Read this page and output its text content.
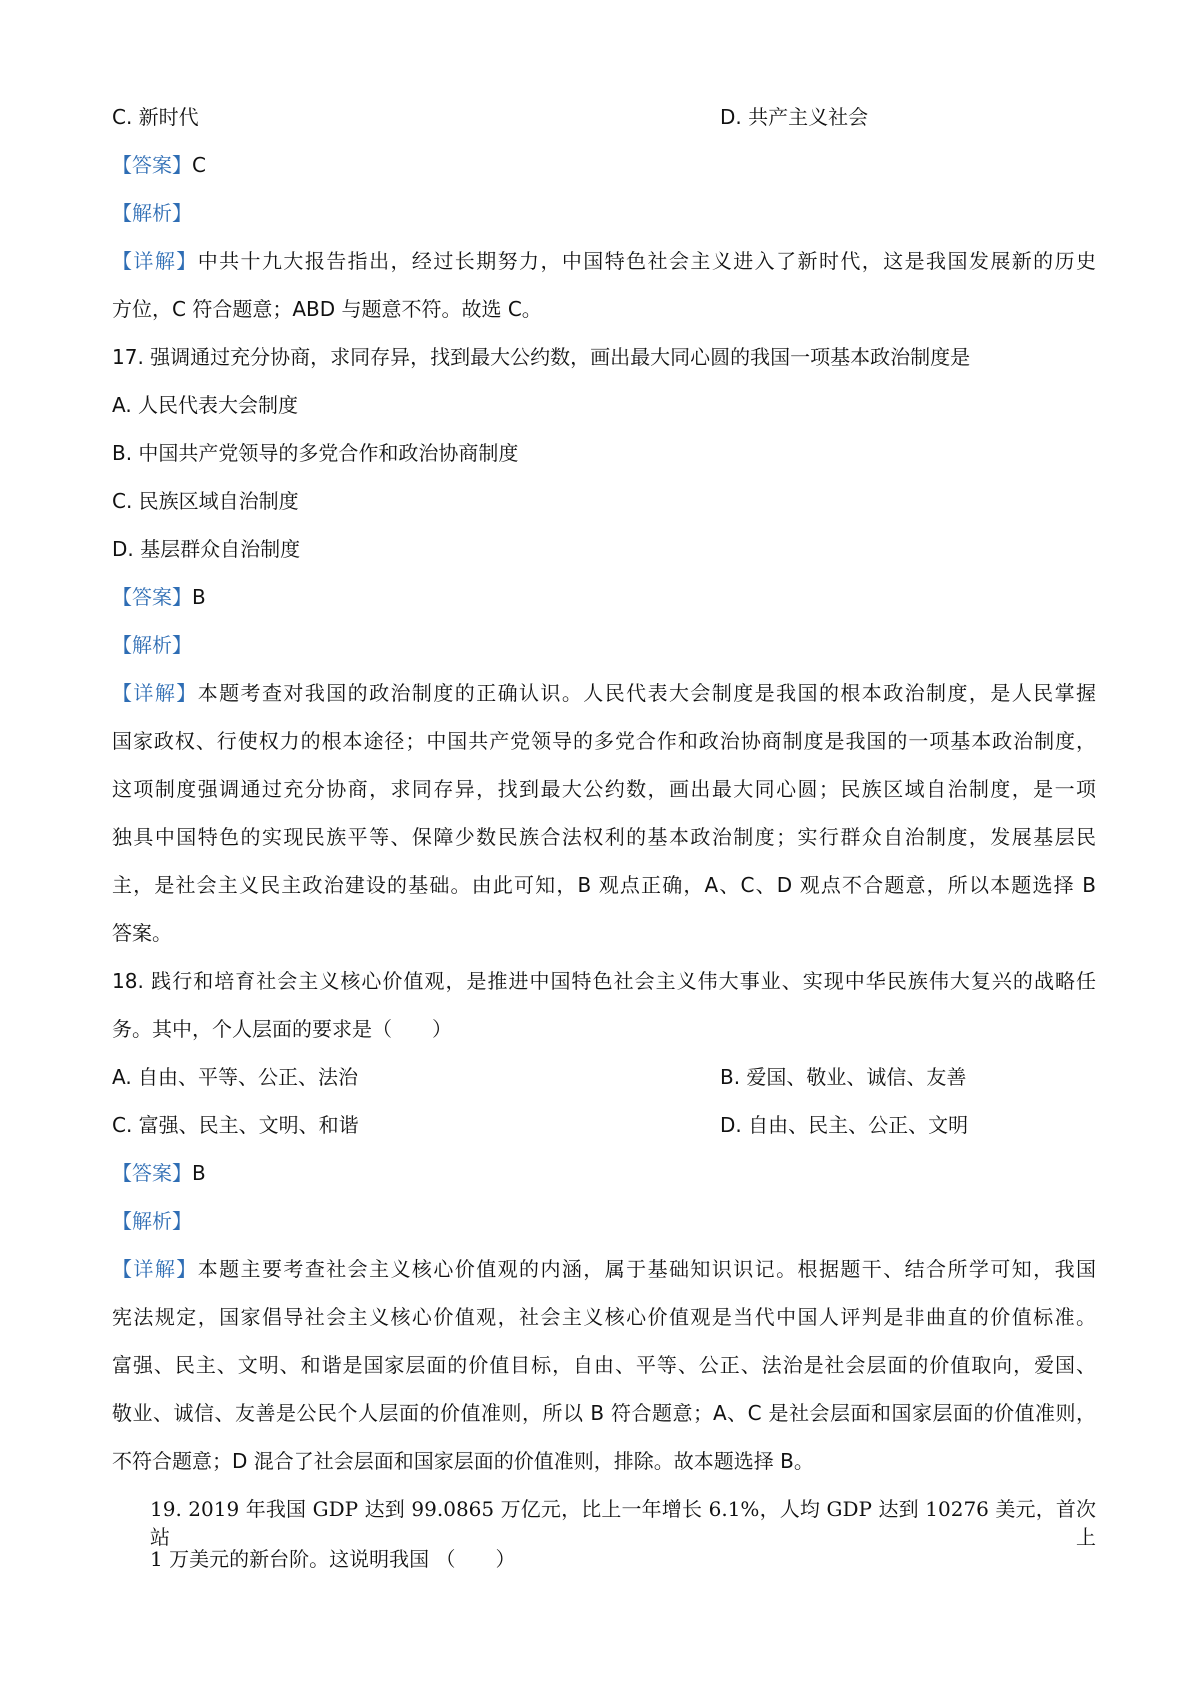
C. 新时代	D. 共产主义社会
【答案】C
【解析】
【详解】中共十九大报告指出，经过长期努力，中国特色社会主义进入了新时代，这是我国发展新的历史
方位，C 符合题意；ABD 与题意不符。故选 C。
17. 强调通过充分协商，求同存异，找到最大公约数，画出最大同心圆的我国一项基本政治制度是
A. 人民代表大会制度
B. 中国共产党领导的多党合作和政治协商制度
C. 民族区域自治制度
D. 基层群众自治制度
【答案】B
【解析】
【详解】本题考查对我国的政治制度的正确认识。人民代表大会制度是我国的根本政治制度，是人民掌握
国家政权、行使权力的根本途径；中国共产党领导的多党合作和政治协商制度是我国的一项基本政治制度，
这项制度强调通过充分协商，求同存异，找到最大公约数，画出最大同心圆；民族区域自治制度，是一项
独具中国特色的实现民族平等、保障少数民族合法权利的基本政治制度；实行群众自治制度，发展基层民
主，是社会主义民主政治建设的基础。由此可知，B 观点正确，A、C、D 观点不合题意，所以本题选择 B
答案。
18. 践行和培育社会主义核心价值观，是推进中国特色社会主义伟大事业、实现中华民族伟大复兴的战略任
务。其中，个人层面的要求是（　　）
A. 自由、平等、公正、法治	B. 爱国、敬业、诚信、友善
C. 富强、民主、文明、和谐	D. 自由、民主、公正、文明
【答案】B
【解析】
【详解】本题主要考查社会主义核心价值观的内涵，属于基础知识识记。根据题干、结合所学可知，我国
宪法规定，国家倡导社会主义核心价值观，社会主义核心价值观是当代中国人评判是非曲直的价值标准。
富强、民主、文明、和谐是国家层面的价值目标，自由、平等、公正、法治是社会层面的价值取向，爱国、
敬业、诚信、友善是公民个人层面的价值准则，所以 B 符合题意；A、C 是社会层面和国家层面的价值准则，
不符合题意；D 混合了社会层面和国家层面的价值准则，排除。故本题选择 B。
19. 2019 年我国 GDP 达到 99.0865 万亿元，比上一年增长 6.1%，人均 GDP 达到 10276 美元，首次站上
1 万美元的新台阶。这说明我国 （　　）
